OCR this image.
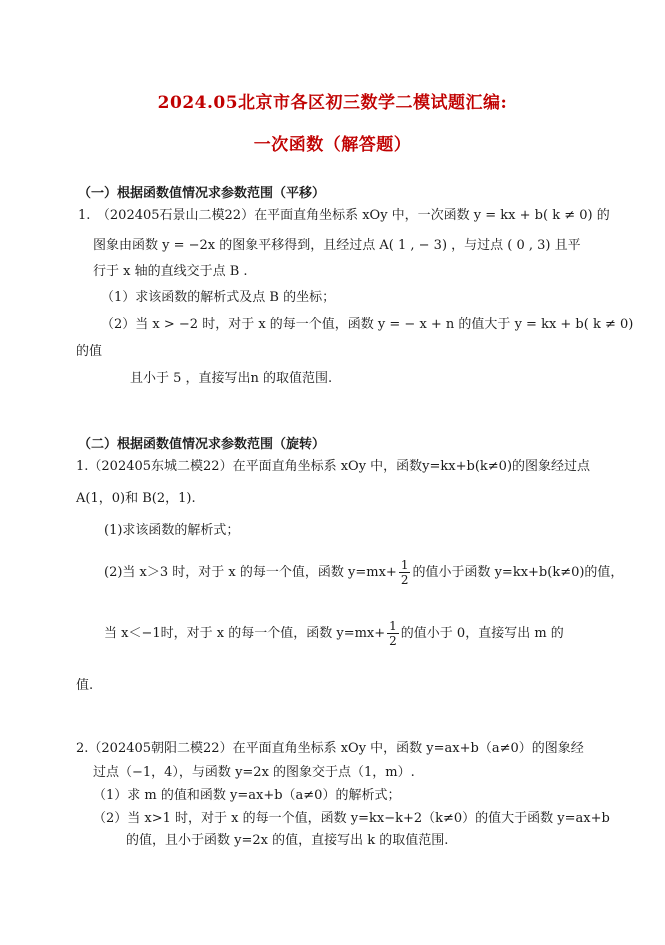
2024.05北京市各区初三数学二模试题汇编:
一次函数（解答题）
（一）根据函数值情况求参数范围（平移）
1.　（202405石景山二模22）在平面直角坐标系 xOy 中，一次函数 y = kx + b( k ≠ 0) 的
图象由函数 y = −2x 的图象平移得到，且经过点 A( 1 , − 3) ，与过点 ( 0 , 3) 且平
行于 x 轴的直线交于点 B .
（1）求该函数的解析式及点 B 的坐标；
（2）当 x > −2 时，对于 x 的每一个值，函数 y = − x + n 的值大于 y = kx + b( k ≠ 0)
的值
且小于 5 ，直接写出n 的取值范围.
（二）根据函数值情况求参数范围（旋转）
1.（202405东城二模22）在平面直角坐标系 xOy 中，函数y=kx+b(k≠0)的图象经过点
A(1，0)和 B(2，1).
(1)求该函数的解析式；
(2)当 x＞3 时，对于 x 的每一个值，函数 $y=mx+ \frac{1}{2}$ 的值小于函数 y=kx+b(k≠0)的值，
当 x＜−1时，对于 x 的每一个值，函数 $y=mx+ \frac{1}{2}$ 的值小于 0，直接写出 m 的
值.
2.（202405朝阳二模22）在平面直角坐标系 xOy 中，函数 y=ax+b（a≠0）的图象经
过点（−1，4），与函数 y=2x 的图象交于点（1，m）.
（1）求 m 的值和函数 y=ax+b（a≠0）的解析式；
（2）当 x>1 时，对于 x 的每一个值，函数 y=kx−k+2（k≠0）的值大于函数 y=ax+b
的值，且小于函数 y=2x 的值，直接写出 k 的取值范围.
